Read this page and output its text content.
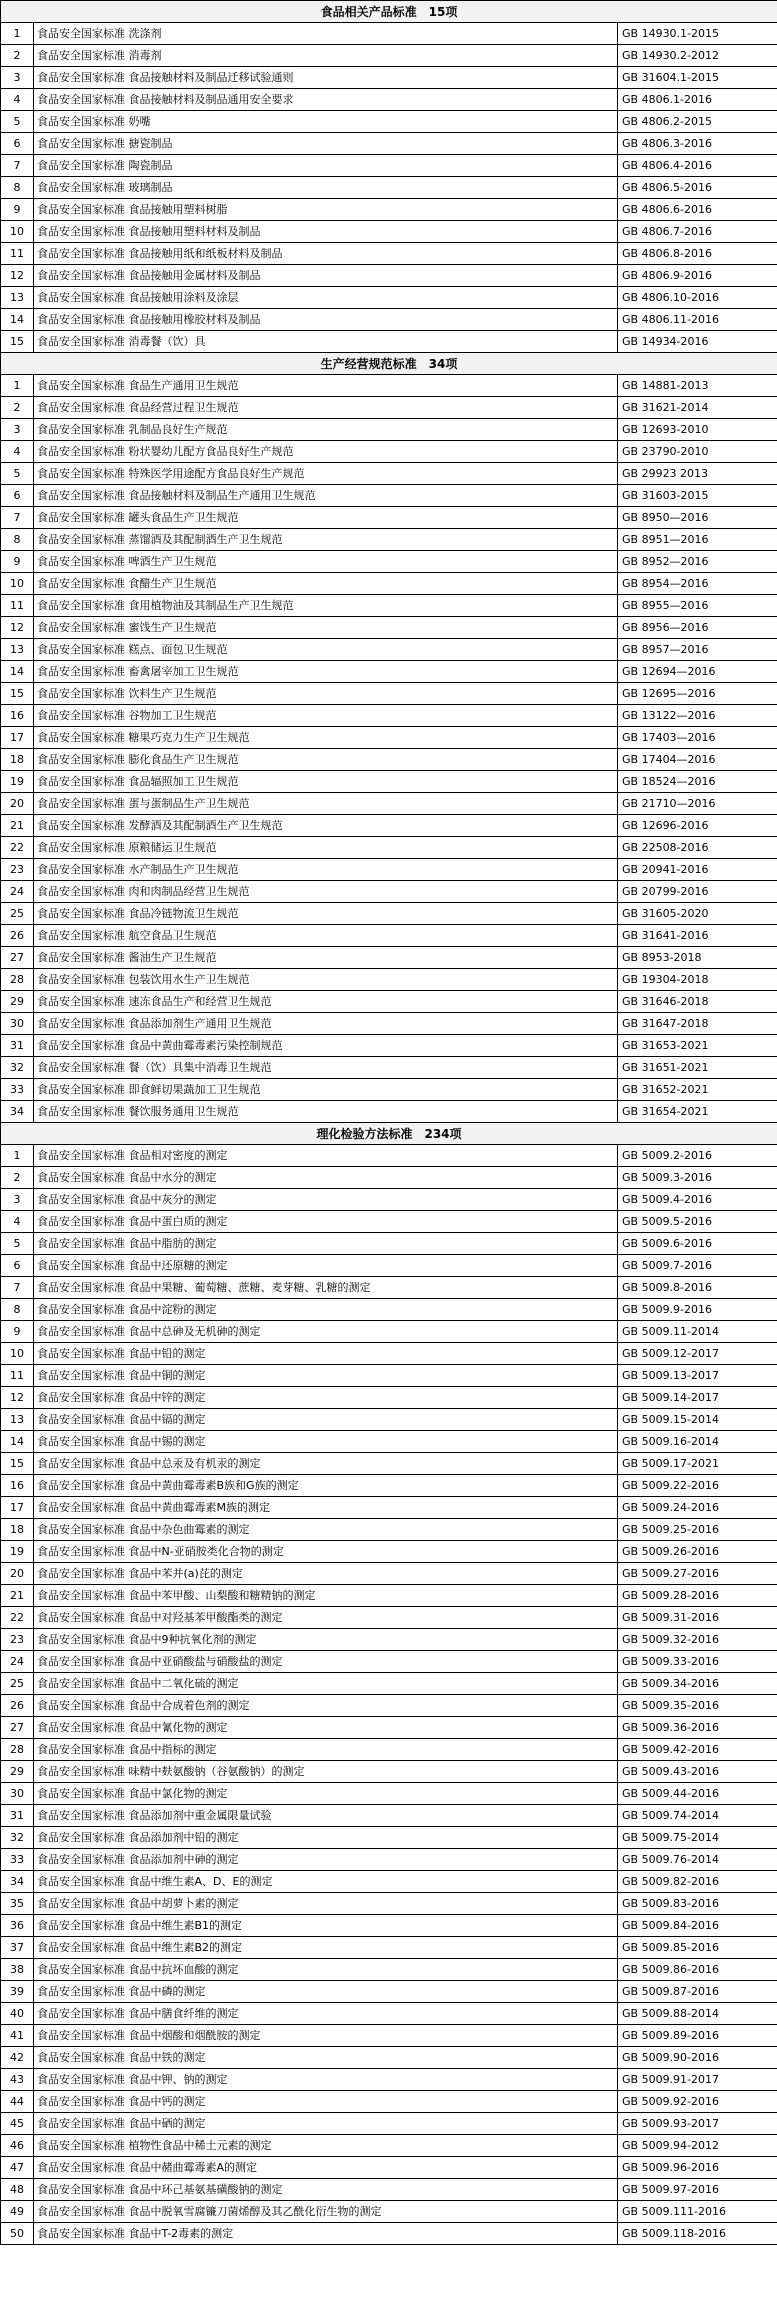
食品相关产品标准　15项		
1	食品安全国家标准 洗涤剂	GB 14930.1-2015
2	食品安全国家标准 消毒剂	GB 14930.2-2012
3	食品安全国家标准 食品接触材料及制品迁移试验通则	GB 31604.1-2015
4	食品安全国家标准 食品接触材料及制品通用安全要求	GB 4806.1-2016
5	食品安全国家标准 奶嘴	GB 4806.2-2015
6	食品安全国家标准 搪瓷制品	GB 4806.3-2016
7	食品安全国家标准 陶瓷制品	GB 4806.4-2016
8	食品安全国家标准 玻璃制品	GB 4806.5-2016
9	食品安全国家标准 食品接触用塑料树脂	GB 4806.6-2016
10	食品安全国家标准 食品接触用塑料材料及制品	GB 4806.7-2016
11	食品安全国家标准 食品接触用纸和纸板材料及制品	GB 4806.8-2016
12	食品安全国家标准 食品接触用金属材料及制品	GB 4806.9-2016
13	食品安全国家标准 食品接触用涂料及涂层	GB 4806.10-2016
14	食品安全国家标准 食品接触用橡胶材料及制品	GB 4806.11-2016
15	食品安全国家标准 消毒餐（饮）具	GB 14934-2016
生产经营规范标准　34项		
1	食品安全国家标准 食品生产通用卫生规范	GB 14881-2013
2	食品安全国家标准 食品经营过程卫生规范	GB 31621-2014
3	食品安全国家标准 乳制品良好生产规范	GB 12693-2010
4	食品安全国家标准 粉状婴幼儿配方食品良好生产规范	GB 23790-2010
5	食品安全国家标准 特殊医学用途配方食品良好生产规范	GB 29923 2013
6	食品安全国家标准 食品接触材料及制品生产通用卫生规范	GB 31603-2015
7	食品安全国家标准 罐头食品生产卫生规范	GB 8950—2016
8	食品安全国家标准 蒸馏酒及其配制酒生产卫生规范	GB 8951—2016
9	食品安全国家标准 啤酒生产卫生规范	GB 8952—2016
10	食品安全国家标准 食醋生产卫生规范	GB 8954—2016
11	食品安全国家标准 食用植物油及其制品生产卫生规范	GB 8955—2016
12	食品安全国家标准 蜜饯生产卫生规范	GB 8956—2016
13	食品安全国家标准 糕点、面包卫生规范	GB 8957—2016
14	食品安全国家标准 畜禽屠宰加工卫生规范	GB 12694—2016
15	食品安全国家标准 饮料生产卫生规范	GB 12695—2016
16	食品安全国家标准 谷物加工卫生规范	GB 13122—2016
17	食品安全国家标准 糖果巧克力生产卫生规范	GB 17403—2016
18	食品安全国家标准 膨化食品生产卫生规范	GB 17404—2016
19	食品安全国家标准 食品辐照加工卫生规范	GB 18524—2016
20	食品安全国家标准 蛋与蛋制品生产卫生规范	GB 21710—2016
21	食品安全国家标准 发酵酒及其配制酒生产卫生规范	GB 12696-2016
22	食品安全国家标准 原粮储运卫生规范	GB 22508-2016
23	食品安全国家标准 水产制品生产卫生规范	GB 20941-2016
24	食品安全国家标准 肉和肉制品经营卫生规范	GB 20799-2016
25	食品安全国家标准 食品冷链物流卫生规范	GB 31605-2020
26	食品安全国家标准 航空食品卫生规范	GB 31641-2016
27	食品安全国家标准 酱油生产卫生规范	GB 8953-2018
28	食品安全国家标准 包装饮用水生产卫生规范	GB 19304-2018
29	食品安全国家标准 速冻食品生产和经营卫生规范	GB 31646-2018
30	食品安全国家标准 食品添加剂生产通用卫生规范	GB 31647-2018
31	食品安全国家标准 食品中黄曲霉毒素污染控制规范	GB 31653-2021
32	食品安全国家标准 餐（饮）具集中消毒卫生规范	GB 31651-2021
33	食品安全国家标准 即食鲜切果蔬加工卫生规范	GB 31652-2021
34	食品安全国家标准 餐饮服务通用卫生规范	GB 31654-2021
理化检验方法标准　234项		
1	食品安全国家标准 食品相对密度的测定	GB 5009.2-2016
2	食品安全国家标准 食品中水分的测定	GB 5009.3-2016
3	食品安全国家标准 食品中灰分的测定	GB 5009.4-2016
4	食品安全国家标准 食品中蛋白质的测定	GB 5009.5-2016
5	食品安全国家标准 食品中脂肪的测定	GB 5009.6-2016
6	食品安全国家标准 食品中还原糖的测定	GB 5009.7-2016
7	食品安全国家标准 食品中果糖、葡萄糖、蔗糖、麦芽糖、乳糖的测定	GB 5009.8-2016
8	食品安全国家标准 食品中淀粉的测定	GB 5009.9-2016
9	食品安全国家标准 食品中总砷及无机砷的测定	GB 5009.11-2014
10	食品安全国家标准 食品中铅的测定	GB 5009.12-2017
11	食品安全国家标准 食品中铜的测定	GB 5009.13-2017
12	食品安全国家标准 食品中锌的测定	GB 5009.14-2017
13	食品安全国家标准 食品中镉的测定	GB 5009.15-2014
14	食品安全国家标准 食品中锡的测定	GB 5009.16-2014
15	食品安全国家标准 食品中总汞及有机汞的测定	GB 5009.17-2021
16	食品安全国家标准 食品中黄曲霉毒素B族和G族的测定	GB 5009.22-2016
17	食品安全国家标准 食品中黄曲霉毒素M族的测定	GB 5009.24-2016
18	食品安全国家标准 食品中杂色曲霉素的测定	GB 5009.25-2016
19	食品安全国家标准 食品中N-亚硝胺类化合物的测定	GB 5009.26-2016
20	食品安全国家标准 食品中苯并(a)芘的测定	GB 5009.27-2016
21	食品安全国家标准 食品中苯甲酸、山梨酸和糖精钠的测定	GB 5009.28-2016
22	食品安全国家标准 食品中对羟基苯甲酸酯类的测定	GB 5009.31-2016
23	食品安全国家标准 食品中9种抗氧化剂的测定	GB 5009.32-2016
24	食品安全国家标准 食品中亚硝酸盐与硝酸盐的测定	GB 5009.33-2016
25	食品安全国家标准 食品中二氧化硫的测定	GB 5009.34-2016
26	食品安全国家标准 食品中合成着色剂的测定	GB 5009.35-2016
27	食品安全国家标准 食品中氰化物的测定	GB 5009.36-2016
28	食品安全国家标准 食品中指标的测定	GB 5009.42-2016
29	食品安全国家标准 味精中麸氨酸钠（谷氨酸钠）的测定	GB 5009.43-2016
30	食品安全国家标准 食品中氯化物的测定	GB 5009.44-2016
31	食品安全国家标准 食品添加剂中重金属限量试验	GB 5009.74-2014
32	食品安全国家标准 食品添加剂中铅的测定	GB 5009.75-2014
33	食品安全国家标准 食品添加剂中砷的测定	GB 5009.76-2014
34	食品安全国家标准 食品中维生素A、D、E的测定	GB 5009.82-2016
35	食品安全国家标准 食品中胡萝卜素的测定	GB 5009.83-2016
36	食品安全国家标准 食品中维生素B1的测定	GB 5009.84-2016
37	食品安全国家标准 食品中维生素B2的测定	GB 5009.85-2016
38	食品安全国家标准 食品中抗坏血酸的测定	GB 5009.86-2016
39	食品安全国家标准 食品中磷的测定	GB 5009.87-2016
40	食品安全国家标准 食品中膳食纤维的测定	GB 5009.88-2014
41	食品安全国家标准 食品中烟酸和烟酰胺的测定	GB 5009.89-2016
42	食品安全国家标准 食品中铁的测定	GB 5009.90-2016
43	食品安全国家标准 食品中钾、钠的测定	GB 5009.91-2017
44	食品安全国家标准 食品中钙的测定	GB 5009.92-2016
45	食品安全国家标准 食品中硒的测定	GB 5009.93-2017
46	食品安全国家标准 植物性食品中稀土元素的测定	GB 5009.94-2012
47	食品安全国家标准 食品中赭曲霉毒素A的测定	GB 5009.96-2016
48	食品安全国家标准 食品中环己基氨基磺酸钠的测定	GB 5009.97-2016
49	食品安全国家标准 食品中脱氧雪腐镰刀菌烯醇及其乙酰化衍生物的测定	GB 5009.111-2016
50	食品安全国家标准 食品中T-2毒素的测定	GB 5009.118-2016
